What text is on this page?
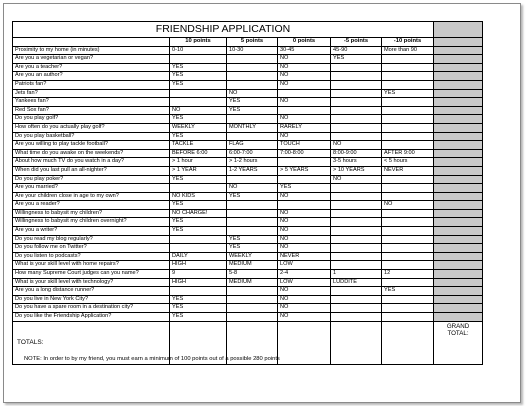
FRIENDSHIP APPLICATION						
	10 points	5 points	0 points	-5 points	-10 points	
Proximity to my home (in minutes)	0-10	10-30	30-45	45-90	More than 90	
Are you a vegetarian or vegan?			NO	YES		
Are you a teacher?	YES		NO			
Are you an author?	YES		NO			
Patriots fan?	YES		NO			
Jets fan?		NO			YES	
Yankees fan?		YES	NO			
Red Sox fan?	NO	YES				
Do you play golf?	YES		NO			
How often do you actually play golf?	WEEKLY	MONTHLY	RARELY			
Do you play basketball?	YES		NO			
Are you willing to play tackle football?	TACKLE	FLAG	TOUCH	NO		
What time do you awake on the weekends?	BEFORE 6:00	6:00-7:00	7:00-8:00	8:00-9:00	AFTER 9:00	
About how much TV do you watch in a day?	> 1 hour	> 1-2 hours		3-5 hours	< 5 hours	
When did you last pull an all-nighter?	> 1 YEAR	1-2 YEARS	> 5 YEARS	> 10 YEARS	NEVER	
Do you play poker?	YES			NO		
Are you married?		NO	YES			
Are your children close in age to my own?	NO KIDS	YES	NO			
Are you a reader?	YES				NO	
Willingness to babysit my children?	NO CHARGE!		NO			
Willingness to babysit my children overnight?	YES		NO			
Are you a writer?	YES		NO			
Do you read my blog regularly?		YES	NO			
Do you follow me on Twitter?		YES	NO			
Do you listen to podcasts?	DAILY	WEEKLY	NEVER			
What is your skill level with home repairs?	HIGH	MEDIUM	LOW			
How many Supreme Court judges can you name?	9	5-8	2-4	1	12	
What is your skill level with technology?	HIGH	MEDIUM	LOW	LUDDITE		
Are you a long distance runner?			NO		YES	
Do you live in New York City?	YES		NO			
Do you have a spare room in a destination city?	YES		NO			
Do you like the Friendship Application?	YES		NO			
TOTALS:						GRAND
TOTAL:
NOTE: In order to by my friend, you must earn a minimum of 100 points out of a possible 280 points
